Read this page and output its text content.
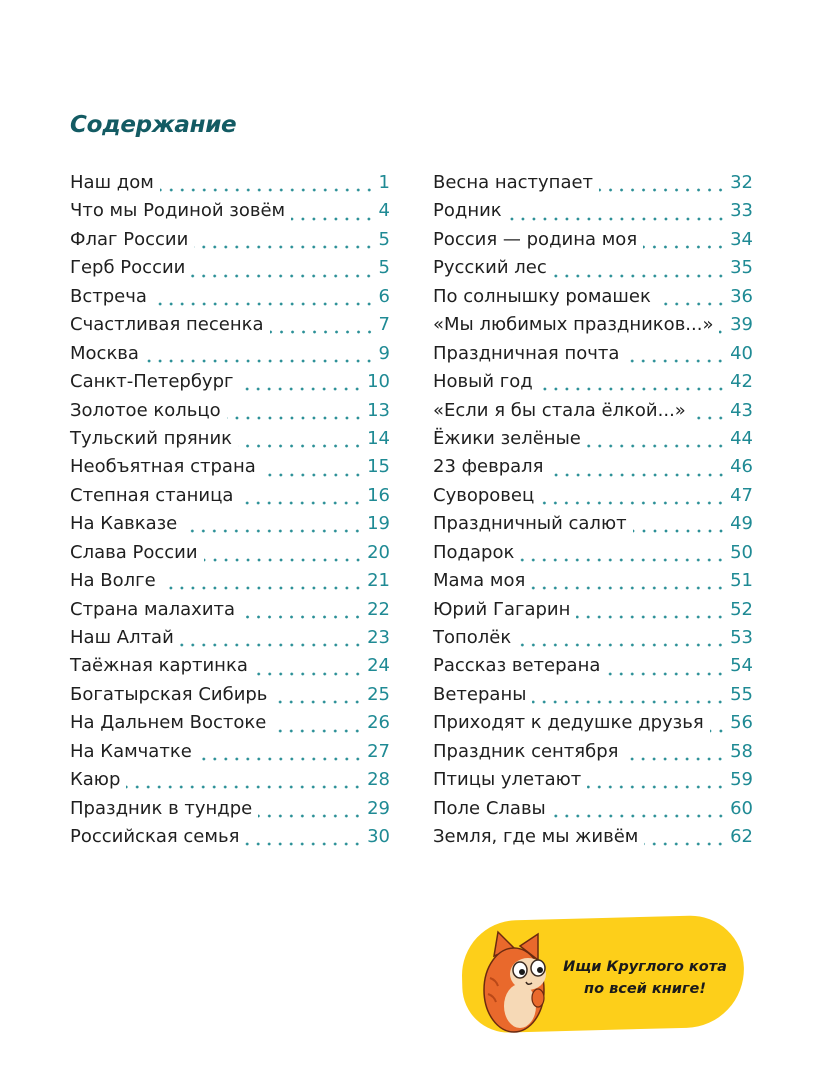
Содержание
Наш дом	1
Что мы Родиной зовём	4
Флаг России	5
Герб России	5
Встреча	6
Счастливая песенка	7
Москва	9
Санкт-Петербург	10
Золотое кольцо	13
Тульский пряник	14
Необъятная страна	15
Степная станица	16
На Кавказе	19
Слава России	20
На Волге	21
Страна малахита	22
Наш Алтай	23
Таёжная картинка	24
Богатырская Сибирь	25
На Дальнем Востоке	26
На Камчатке	27
Каюр	28
Праздник в тундре	29
Российская семья	30
Весна наступает	32
Родник	33
Россия — родина моя	34
Русский лес	35
По солнышку ромашек	36
«Мы любимых праздников...» 39
Праздничная почта	40
Новый год	42
«Если я бы стала ёлкой...» 43
Ёжики зелёные	44
23 февраля	46
Суворовец	47
Праздничный салют	49
Подарок	50
Мама моя	51
Юрий Гагарин	52
Тополёк	53
Рассказ ветерана	54
Ветераны	55
Приходят к дедушке друзья 56
Праздник сентября	58
Птицы улетают	59
Поле Славы	60
Земля, где мы живём	62
Ищи Круглого кота
по всей книге!
